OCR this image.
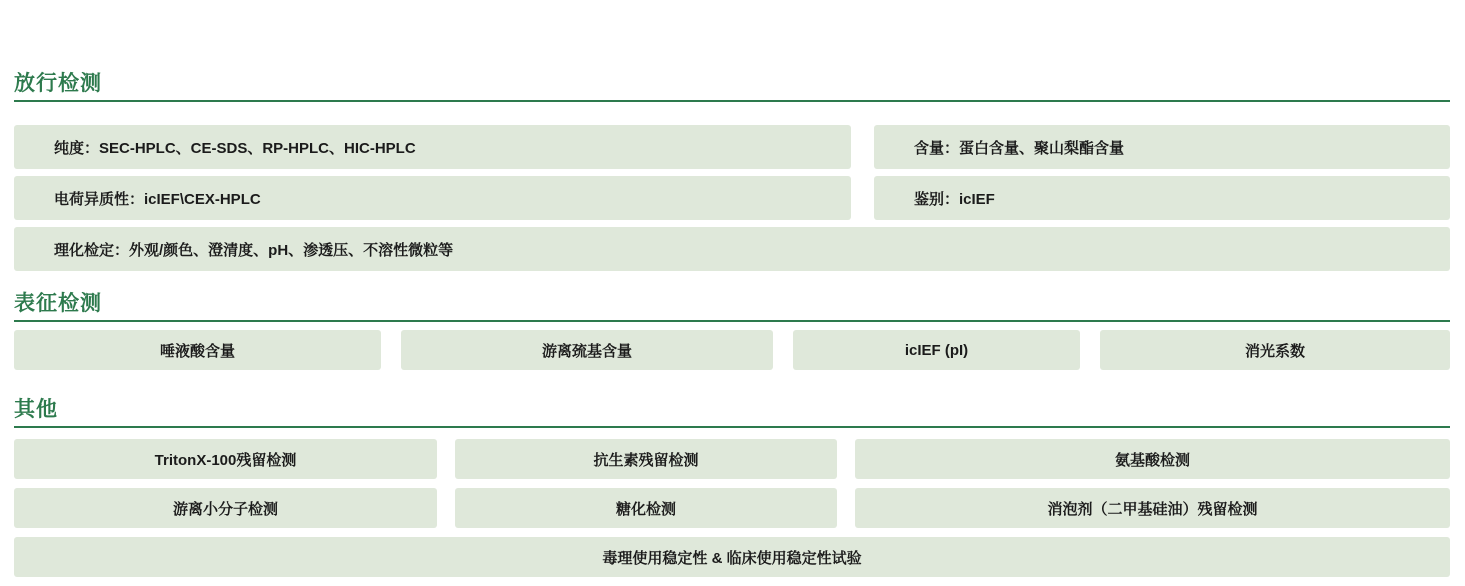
放行检测
纯度：SEC-HPLC、CE-SDS、RP-HPLC、HIC-HPLC	含量：蛋白含量、聚山梨酯含量
电荷异质性：icIEF\CEX-HPLC	鉴别：icIEF
理化检定：外观/颜色、澄清度、pH、渗透压、不溶性微粒等
表征检测
唾液酸含量	游离巯基含量	icIEF (pI)	消光系数
其他
TritonX-100残留检测	抗生素残留检测	氨基酸检测
游离小分子检测	糖化检测	消泡剂（二甲基硅油）残留检测
毒理使用稳定性 & 临床使用稳定性试验
